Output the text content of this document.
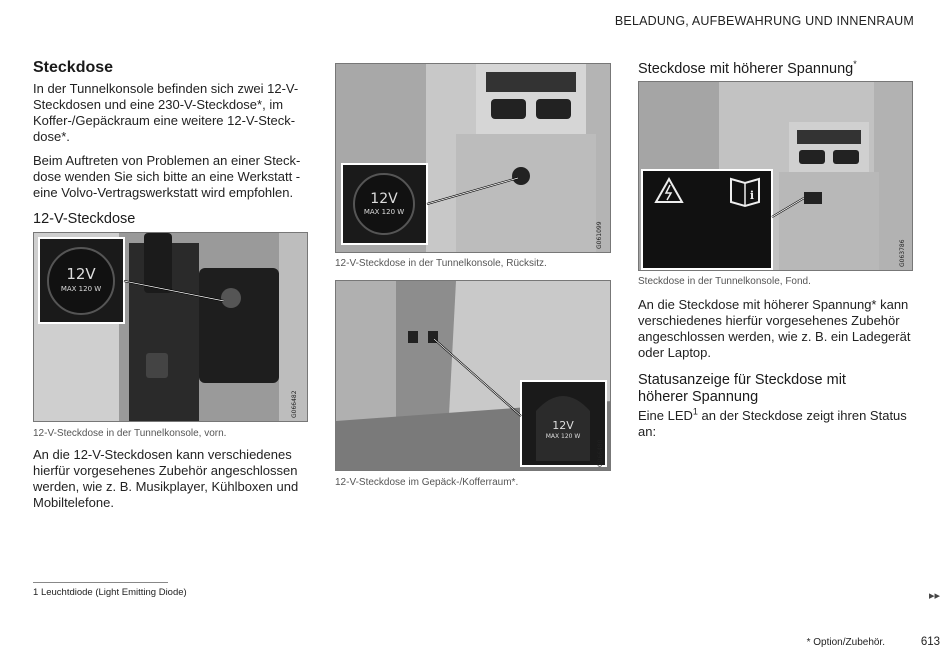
BELADUNG, AUFBEWAHRUNG UND INNENRAUM
Steckdose
In der Tunnelkonsole befinden sich zwei 12-V-
Steckdosen und eine 230-V-Steckdose*, im
Koffer-/Gepäckraum eine weitere 12-V-Steck-
dose*.
Beim Auftreten von Problemen an einer Steck-
dose wenden Sie sich bitte an eine Werkstatt -
eine Volvo-Vertragswerkstatt wird empfohlen.
12-V-Steckdose
12V
MAX 120 W
G066482
12-V-Steckdose in der Tunnelkonsole, vorn.
An die 12-V-Steckdosen kann verschiedenes
hierfür vorgesehenes Zubehör angeschlossen
werden, wie z. B. Musikplayer, Kühlboxen und
Mobiltelefone.
12V
MAX 120 W
G061099
12-V-Steckdose in der Tunnelkonsole, Rücksitz.
12V
MAX 120 W
G066480
12-V-Steckdose im Gepäck-/Kofferraum*.
Steckdose mit höherer Spannung*
i
G063786
Steckdose in der Tunnelkonsole, Fond.
An die Steckdose mit höherer Spannung* kann
verschiedenes hierfür vorgesehenes Zubehör
angeschlossen werden, wie z. B. ein Ladegerät
oder Laptop.
Statusanzeige für Steckdose mit
höherer Spannung
Eine LED$^1$ an der Steckdose zeigt ihren Status
an:
1 Leuchtdiode (Light Emitting Diode)	▸▸
* Option/Zubehör.	613
